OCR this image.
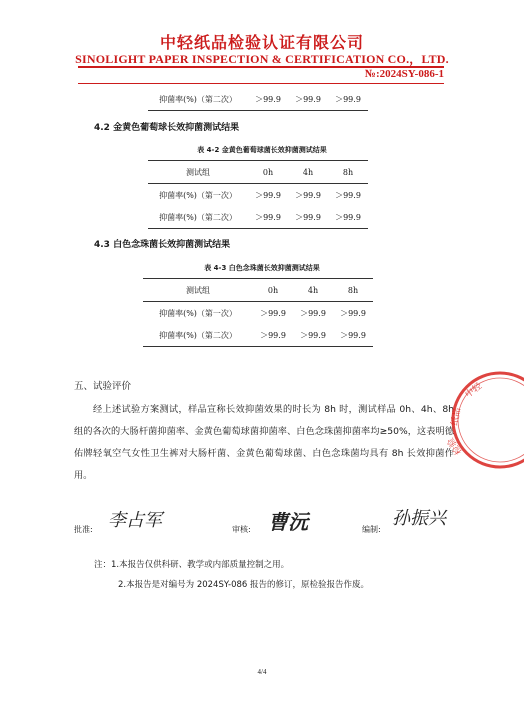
中轻纸品检验认证有限公司
SINOLIGHT PAPER INSPECTION & CERTIFICATION CO.，LTD.
№:2024SY-086-1
抑菌率(%)（第二次）	＞99.9	＞99.9	＞99.9
4.2 金黄色葡萄球长效抑菌测试结果
表 4-2 金黄色葡萄球菌长效抑菌测试结果
测试组	0h	4h	8h
抑菌率(%)（第一次）	＞99.9	＞99.9	＞99.9
抑菌率(%)（第二次）	＞99.9	＞99.9	＞99.9
4.3 白色念珠菌长效抑菌测试结果
表 4-3 白色念珠菌长效抑菌测试结果
测试组	0h	4h	8h
抑菌率(%)（第一次）	＞99.9	＞99.9	＞99.9
抑菌率(%)（第二次）	＞99.9	＞99.9	＞99.9
五、试验评价
经上述试验方案测试，样品宣称长效抑菌效果的时长为 8h 时，测试样品 0h、4h、8h 组的各次的大肠杆菌抑菌率、金黄色葡萄球菌抑菌率、白色念珠菌抑菌率均≥50%，这表明德佑牌轻氧空气女性卫生裤对大肠杆菌、金黄色葡萄球菌、白色念珠菌均具有 8h 长效抑菌作用。
中轻
纸品
检验
批准: 李占军	审核: 曹沅	编制:
孙振兴
注：1.本报告仅供科研、教学或内部质量控制之用。
2.本报告是对编号为 2024SY-086 报告的修订，原检验报告作废。
4/4
